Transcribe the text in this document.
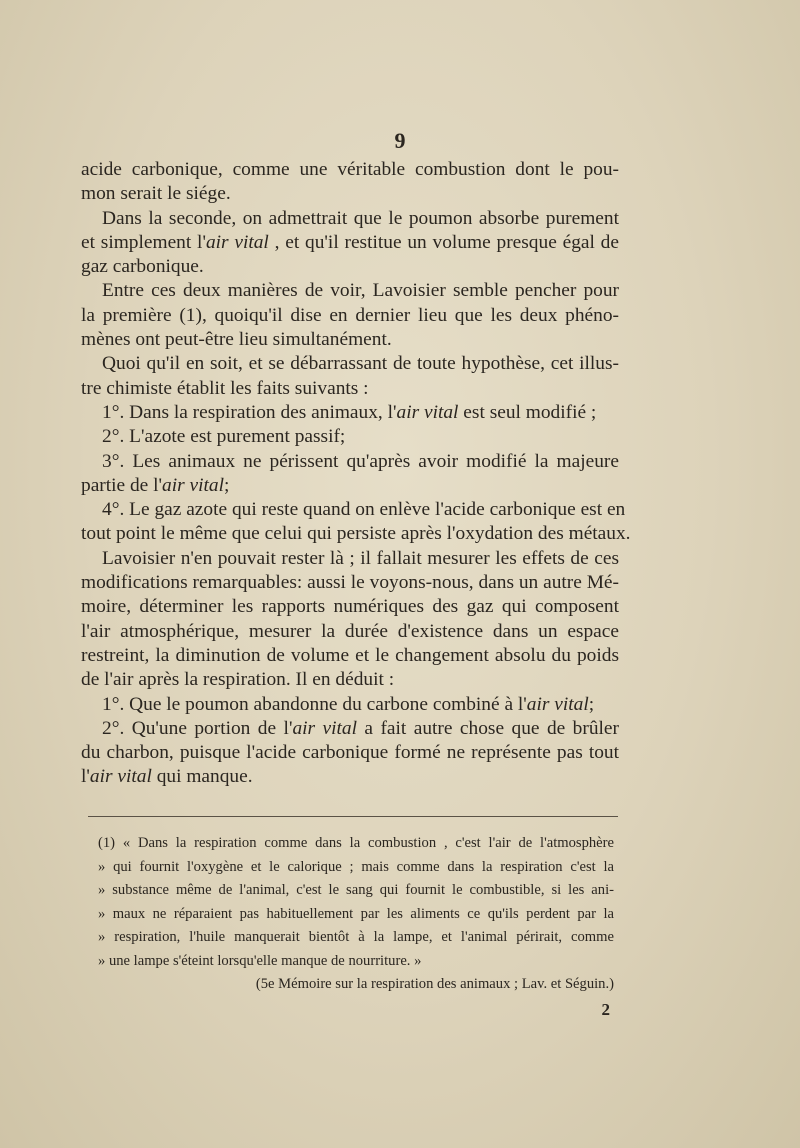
9
acide carbonique, comme une véritable combustion dont le pou-
mon serait le siége.
Dans la seconde, on admettrait que le poumon absorbe purement
et simplement l'air vital , et qu'il restitue un volume presque égal de
gaz carbonique.
Entre ces deux manières de voir, Lavoisier semble pencher pour
la première (1), quoiqu'il dise en dernier lieu que les deux phéno-
mènes ont peut-être lieu simultanément.
Quoi qu'il en soit, et se débarrassant de toute hypothèse, cet illus-
tre chimiste établit les faits suivants :
1°. Dans la respiration des animaux, l'air vital est seul modifié ;
2°. L'azote est purement passif;
3°. Les animaux ne périssent qu'après avoir modifié la majeure
partie de l'air vital;
4°. Le gaz azote qui reste quand on enlève l'acide carbonique est en
tout point le même que celui qui persiste après l'oxydation des métaux.
Lavoisier n'en pouvait rester là ; il fallait mesurer les effets de ces
modifications remarquables: aussi le voyons-nous, dans un autre Mé-
moire, déterminer les rapports numériques des gaz qui composent
l'air atmosphérique, mesurer la durée d'existence dans un espace
restreint, la diminution de volume et le changement absolu du poids
de l'air après la respiration. Il en déduit :
1°. Que le poumon abandonne du carbone combiné à l'air vital;
2°. Qu'une portion de l'air vital a fait autre chose que de brûler
du charbon, puisque l'acide carbonique formé ne représente pas tout
l'air vital qui manque.
(1) « Dans la respiration comme dans la combustion , c'est l'air de l'atmosphère
» qui fournit l'oxygène et le calorique ; mais comme dans la respiration c'est la
» substance même de l'animal, c'est le sang qui fournit le combustible, si les ani-
» maux ne réparaient pas habituellement par les aliments ce qu'ils perdent par la
» respiration, l'huile manquerait bientôt à la lampe, et l'animal périrait, comme
» une lampe s'éteint lorsqu'elle manque de nourriture. »
(5e Mémoire sur la respiration des animaux ; Lav. et Séguin.)
2
